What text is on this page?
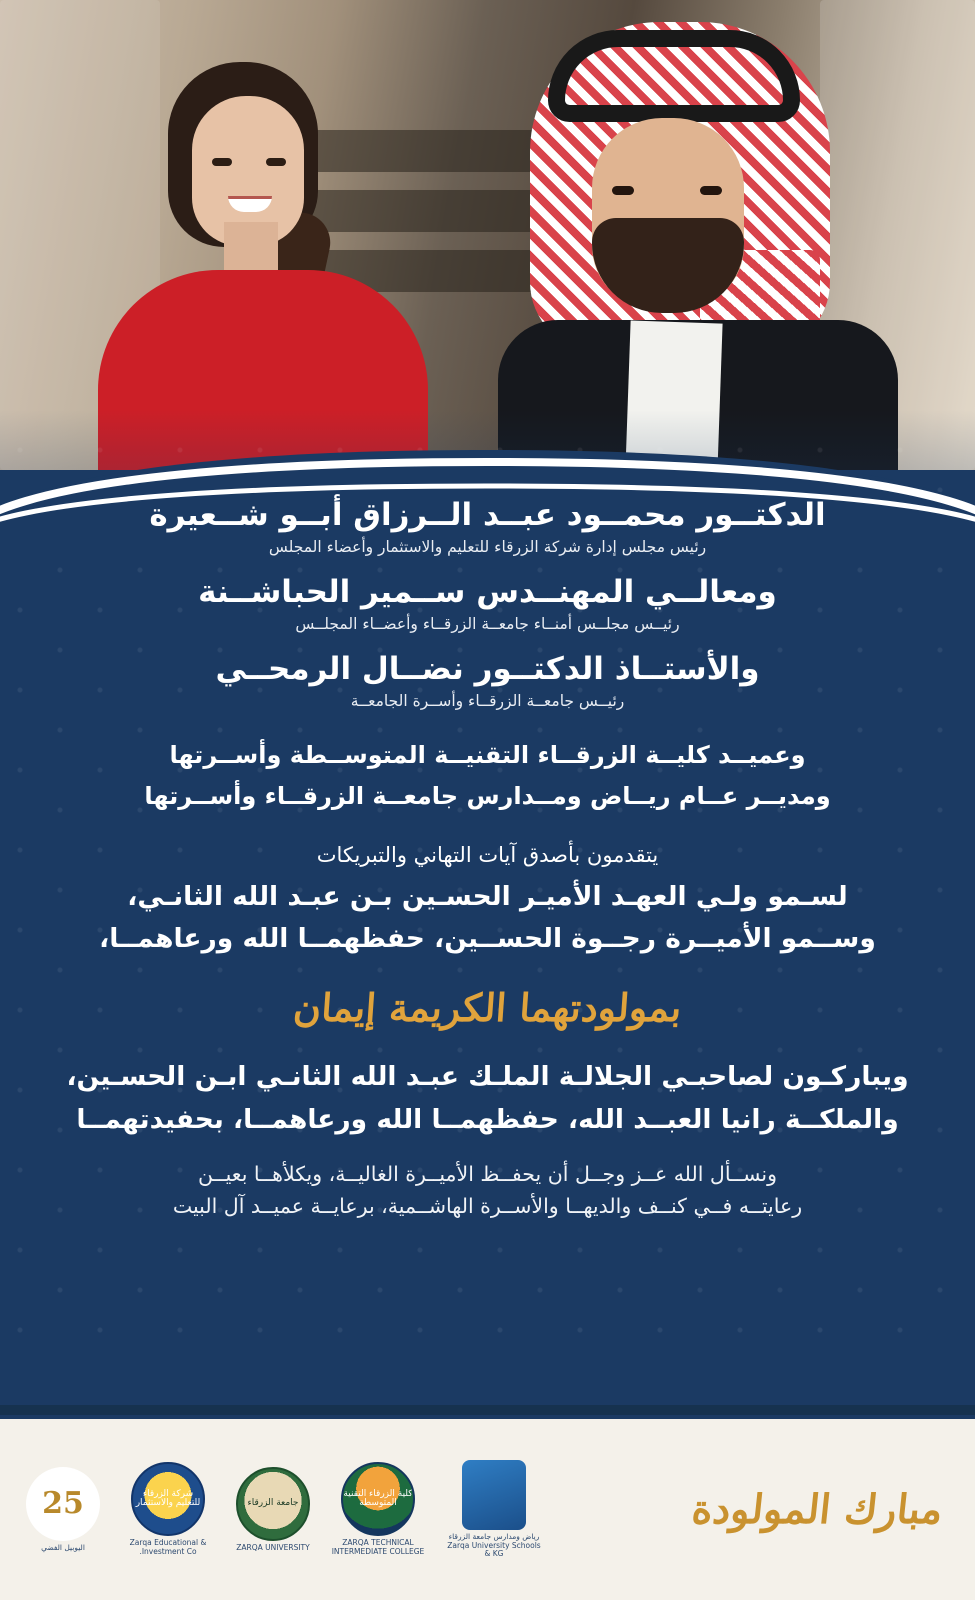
الدكتــور محمــود عبــد الــرزاق أبــو شــعيرة
رئيس مجلس إدارة شركة الزرقاء للتعليم والاستثمار وأعضاء المجلس
ومعالــي المهنــدس ســمير الحباشــنة
رئيــس مجلــس أمنــاء جامعــة الزرقــاء وأعضــاء المجلــس
والأستــاذ الدكتــور نضــال الرمحــي
رئيــس جامعــة الزرقــاء وأســرة الجامعــة
وعميــد كليــة الزرقــاء التقنيــة المتوســطة وأســرتها
ومديــر عــام ريــاض ومــدارس جامعــة الزرقــاء وأســرتها
يتقدمون بأصدق آيات التهاني والتبريكات
لسـمو ولـي العهـد الأميـر الحسـين بـن عبـد الله الثانـي،
وســمو الأميــرة رجــوة الحســين، حفظهمــا الله ورعاهمــا،
بمولودتهما الكريمة إيمان
ويباركـون لصاحبـي الجلالـة الملـك عبـد الله الثانـي ابـن الحسـين،
والملكــة رانيا العبــد الله، حفظهمــا الله ورعاهمــا، بحفيدتهمــا
ونســأل الله عــز وجــل أن يحفــظ الأميــرة الغاليــة، ويكلأهــا بعيــن
رعايتــه فــي كنــف والديهــا والأســرة الهاشــمية، برعايــة عميــد آل البيت
مبارك المولودة
رياض ومدارس جامعة الزرقاء Zarqa University Schools & KG
كلية الزرقاء التقنية المتوسطة
ZARQA TECHNICAL INTERMEDIATE COLLEGE
جامعة الزرقاء
ZARQA UNIVERSITY
شركة الزرقاء للتعليم والاستثمار
Zarqa Educational & Investment Co.
25
اليوبيل الفضي
